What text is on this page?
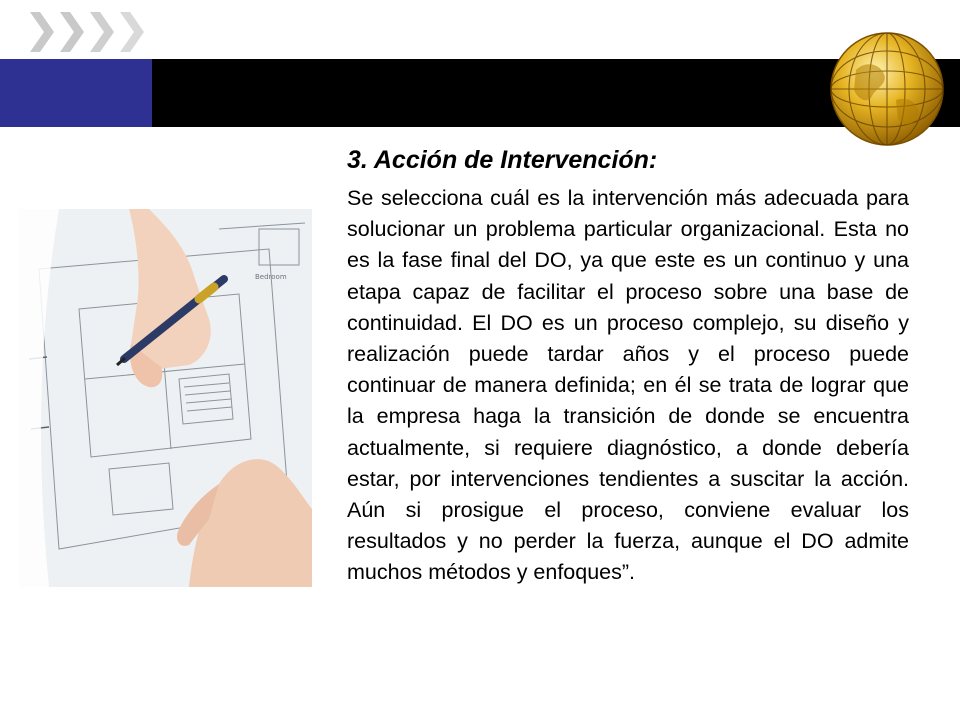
Bedroom
3. Acción de Intervención:

Se selecciona cuál es la intervención más adecuada para solucionar un problema particular organizacional. Esta no es la fase final del DO, ya que este es un continuo y una etapa capaz de facilitar el proceso sobre una base de continuidad. El DO es un proceso complejo, su diseño y realización puede tardar años y el proceso puede continuar de manera definida; en él se trata de lograr que la empresa haga la transición de donde se encuentra actualmente, si requiere diagnóstico, a donde debería estar, por intervenciones tendientes a suscitar la acción. Aún si prosigue el proceso, conviene evaluar los resultados y no perder la fuerza, aunque el DO admite muchos métodos y enfoques”.
